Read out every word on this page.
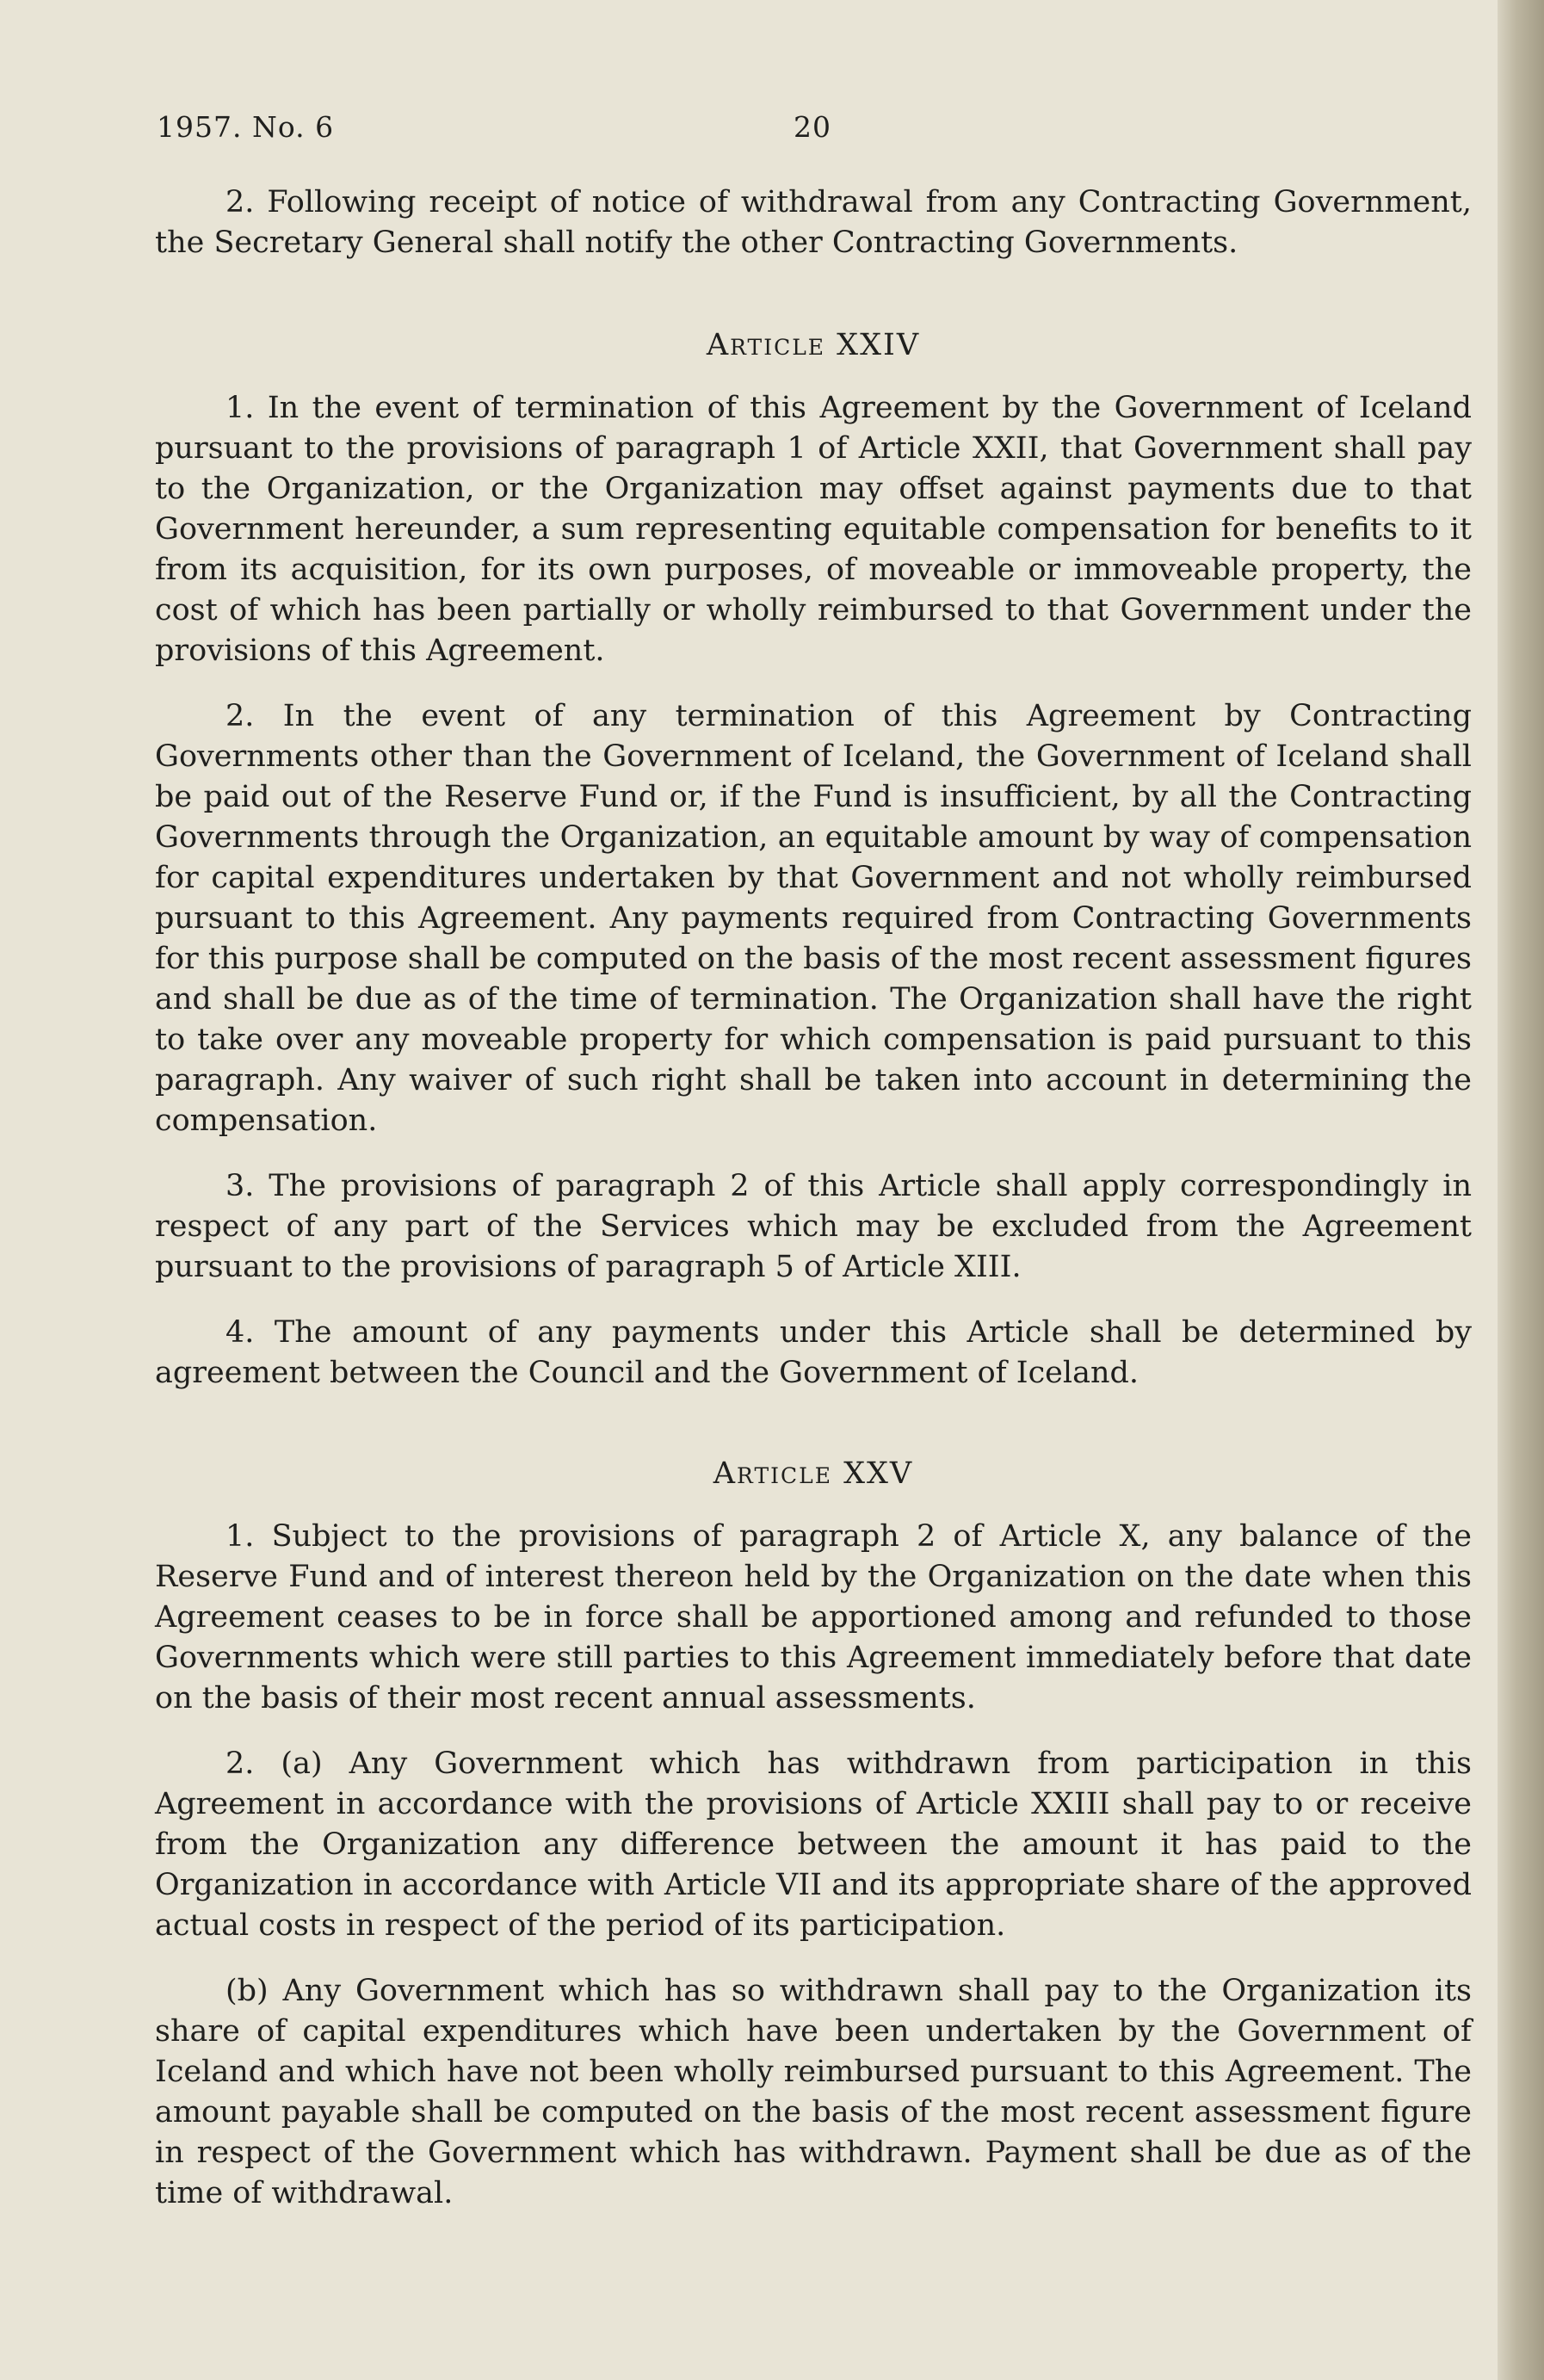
1957. No. 6	20

2. Following receipt of notice of withdrawal from any Contracting Government, the Secretary General shall notify the other Contracting Governments.

Article XXIV

1. In the event of termination of this Agreement by the Government of Iceland pursuant to the provisions of paragraph 1 of Article XXII, that Government shall pay to the Organization, or the Organization may offset against payments due to that Government hereunder, a sum representing equitable compensation for benefits to it from its acquisition, for its own purposes, of moveable or immoveable property, the cost of which has been partially or wholly reimbursed to that Government under the provisions of this Agreement.

2. In the event of any termination of this Agreement by Contracting Governments other than the Government of Iceland, the Government of Iceland shall be paid out of the Reserve Fund or, if the Fund is insufficient, by all the Contracting Governments through the Organization, an equitable amount by way of compensation for capital expenditures undertaken by that Government and not wholly reimbursed pursuant to this Agreement. Any payments required from Contracting Governments for this purpose shall be computed on the basis of the most recent assessment figures and shall be due as of the time of termination. The Organization shall have the right to take over any moveable property for which compensation is paid pursuant to this paragraph. Any waiver of such right shall be taken into account in determining the compensation.

3. The provisions of paragraph 2 of this Article shall apply correspondingly in respect of any part of the Services which may be excluded from the Agreement pursuant to the provisions of paragraph 5 of Article XIII.

4. The amount of any payments under this Article shall be determined by agreement between the Council and the Government of Iceland.

Article XXV

1. Subject to the provisions of paragraph 2 of Article X, any balance of the Reserve Fund and of interest thereon held by the Organization on the date when this Agreement ceases to be in force shall be apportioned among and refunded to those Governments which were still parties to this Agreement immediately before that date on the basis of their most recent annual assessments.

2. (a) Any Government which has withdrawn from participation in this Agreement in accordance with the provisions of Article XXIII shall pay to or receive from the Organization any difference between the amount it has paid to the Organization in accordance with Article VII and its appropriate share of the approved actual costs in respect of the period of its participation.

(b) Any Government which has so withdrawn shall pay to the Organization its share of capital expenditures which have been undertaken by the Government of Iceland and which have not been wholly reimbursed pursuant to this Agreement. The amount payable shall be computed on the basis of the most recent assessment figure in respect of the Government which has withdrawn. Payment shall be due as of the time of withdrawal.
